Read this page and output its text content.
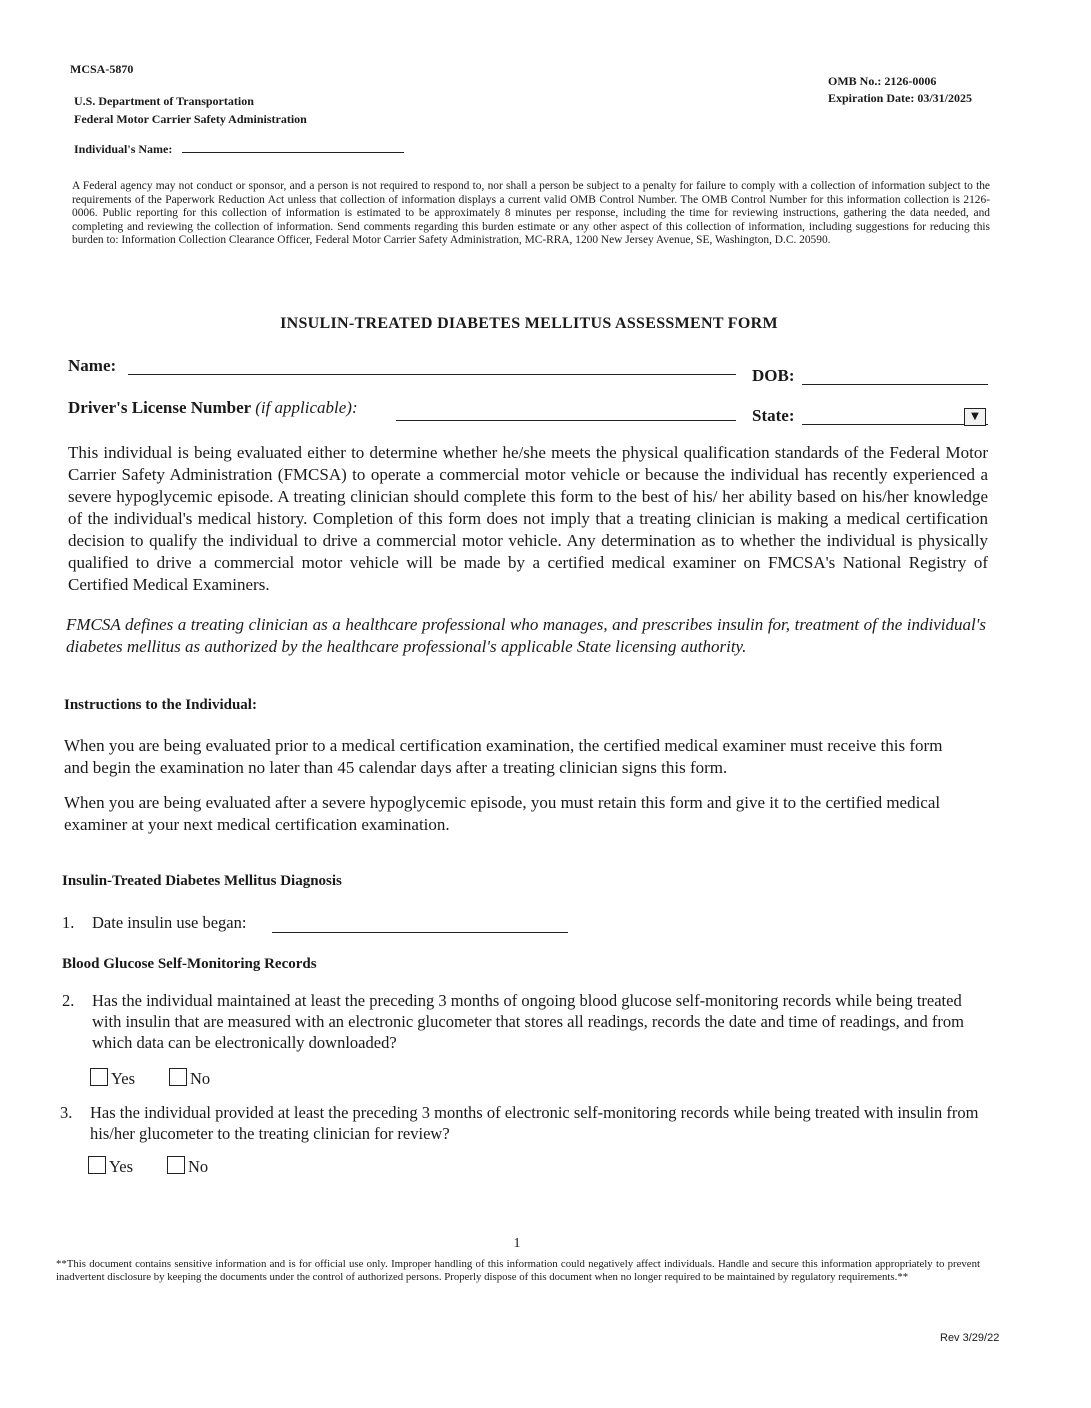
MCSA-5870
U.S. Department of Transportation
Federal Motor Carrier Safety Administration
OMB No.: 2126-0006
Expiration Date: 03/31/2025
Individual's Name:
A Federal agency may not conduct or sponsor, and a person is not required to respond to, nor shall a person be subject to a penalty for failure to comply with a collection of information subject to the requirements of the Paperwork Reduction Act unless that collection of information displays a current valid OMB Control Number. The OMB Control Number for this information collection is 2126-0006. Public reporting for this collection of information is estimated to be approximately 8 minutes per response, including the time for reviewing instructions, gathering the data needed, and completing and reviewing the collection of information. Send comments regarding this burden estimate or any other aspect of this collection of information, including suggestions for reducing this burden to: Information Collection Clearance Officer, Federal Motor Carrier Safety Administration, MC-RRA, 1200 New Jersey Avenue, SE, Washington, D.C. 20590.
INSULIN-TREATED DIABETES MELLITUS ASSESSMENT FORM
Name:
DOB:
Driver's License Number (if applicable):	State:	▼
This individual is being evaluated either to determine whether he/she meets the physical qualification standards of the Federal Motor Carrier Safety Administration (FMCSA) to operate a commercial motor vehicle or because the individual has recently experienced a severe hypoglycemic episode. A treating clinician should complete this form to the best of his/ her ability based on his/her knowledge of the individual's medical history. Completion of this form does not imply that a treating clinician is making a medical certification decision to qualify the individual to drive a commercial motor vehicle. Any determination as to whether the individual is physically qualified to drive a commercial motor vehicle will be made by a certified medical examiner on FMCSA's National Registry of Certified Medical Examiners.
FMCSA defines a treating clinician as a healthcare professional who manages, and prescribes insulin for, treatment of the individual's diabetes mellitus as authorized by the healthcare professional's applicable State licensing authority.
Instructions to the Individual:
When you are being evaluated prior to a medical certification examination, the certified medical examiner must receive this form and begin the examination no later than 45 calendar days after a treating clinician signs this form.
When you are being evaluated after a severe hypoglycemic episode, you must retain this form and give it to the certified medical examiner at your next medical certification examination.
Insulin-Treated Diabetes Mellitus Diagnosis
1. Date insulin use began:
Blood Glucose Self-Monitoring Records
2. Has the individual maintained at least the preceding 3 months of ongoing blood glucose self-monitoring records while being treated with insulin that are measured with an electronic glucometer that stores all readings, records the date and time of readings, and from which data can be electronically downloaded?
Yes	No
3. Has the individual provided at least the preceding 3 months of electronic self-monitoring records while being treated with insulin from his/her glucometer to the treating clinician for review?
Yes	No
1
**This document contains sensitive information and is for official use only. Improper handling of this information could negatively affect individuals. Handle and secure this information appropriately to prevent inadvertent disclosure by keeping the documents under the control of authorized persons. Properly dispose of this document when no longer required to be maintained by regulatory requirements.**
Rev 3/29/22
